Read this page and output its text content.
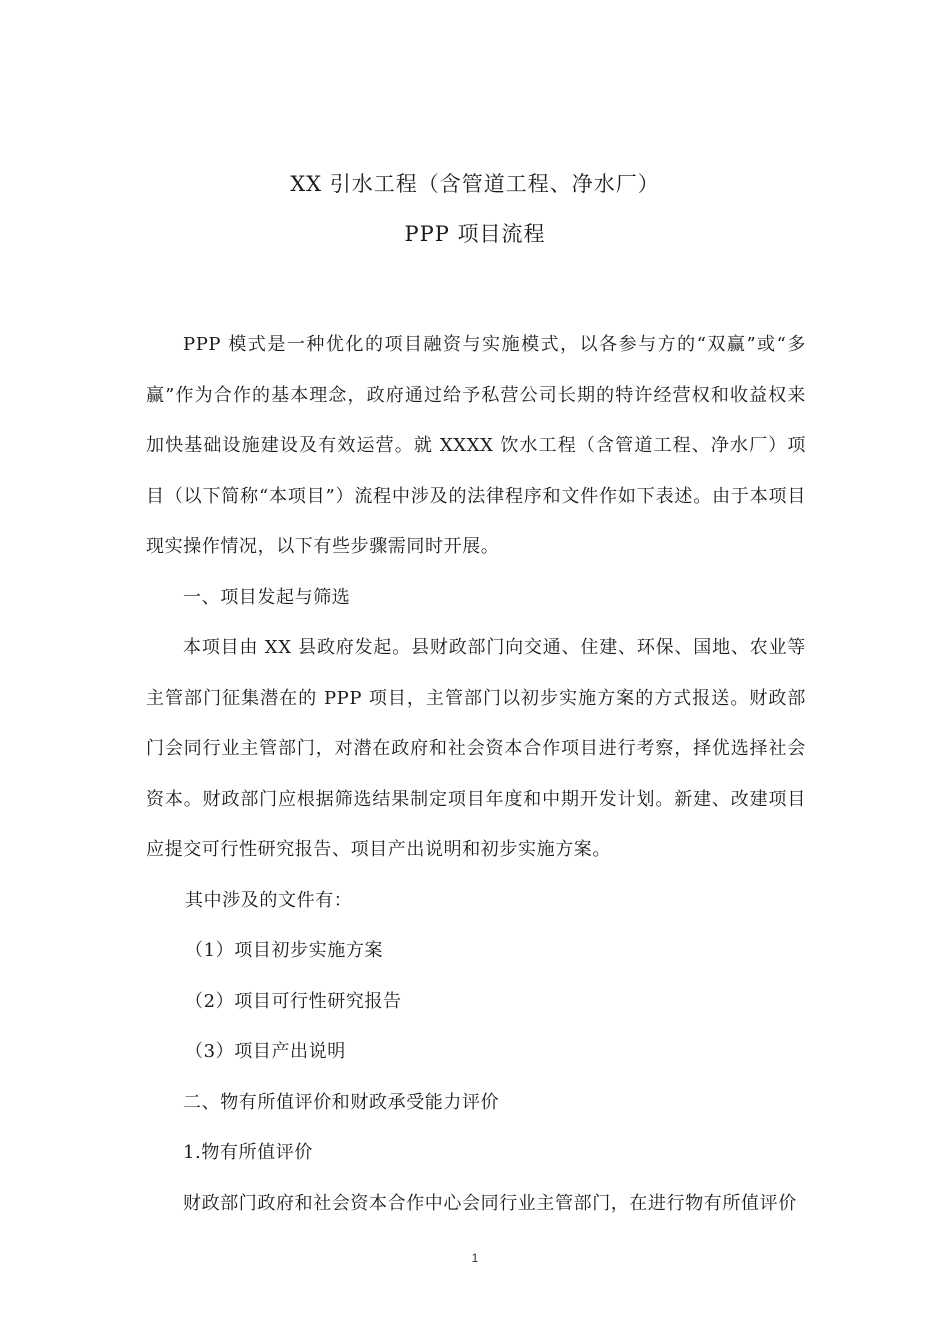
XX 引水工程（含管道工程、净水厂）
PPP 项目流程

PPP 模式是一种优化的项目融资与实施模式，以各参与方的“双赢”或“多赢”作为合作的基本理念，政府通过给予私营公司长期的特许经营权和收益权来加快基础设施建设及有效运营。就 XXXX 饮水工程（含管道工程、净水厂）项目（以下简称“本项目”）流程中涉及的法律程序和文件作如下表述。由于本项目现实操作情况，以下有些步骤需同时开展。

一、项目发起与筛选

本项目由 XX 县政府发起。县财政部门向交通、住建、环保、国地、农业等主管部门征集潜在的 PPP 项目，主管部门以初步实施方案的方式报送。财政部门会同行业主管部门，对潜在政府和社会资本合作项目进行考察，择优选择社会资本。财政部门应根据筛选结果制定项目年度和中期开发计划。新建、改建项目应提交可行性研究报告、项目产出说明和初步实施方案。

其中涉及的文件有：

（1）项目初步实施方案

（2）项目可行性研究报告

（3）项目产出说明

二、物有所值评价和财政承受能力评价

1.物有所值评价

财政部门政府和社会资本合作中心会同行业主管部门，在进行物有所值评价

1
